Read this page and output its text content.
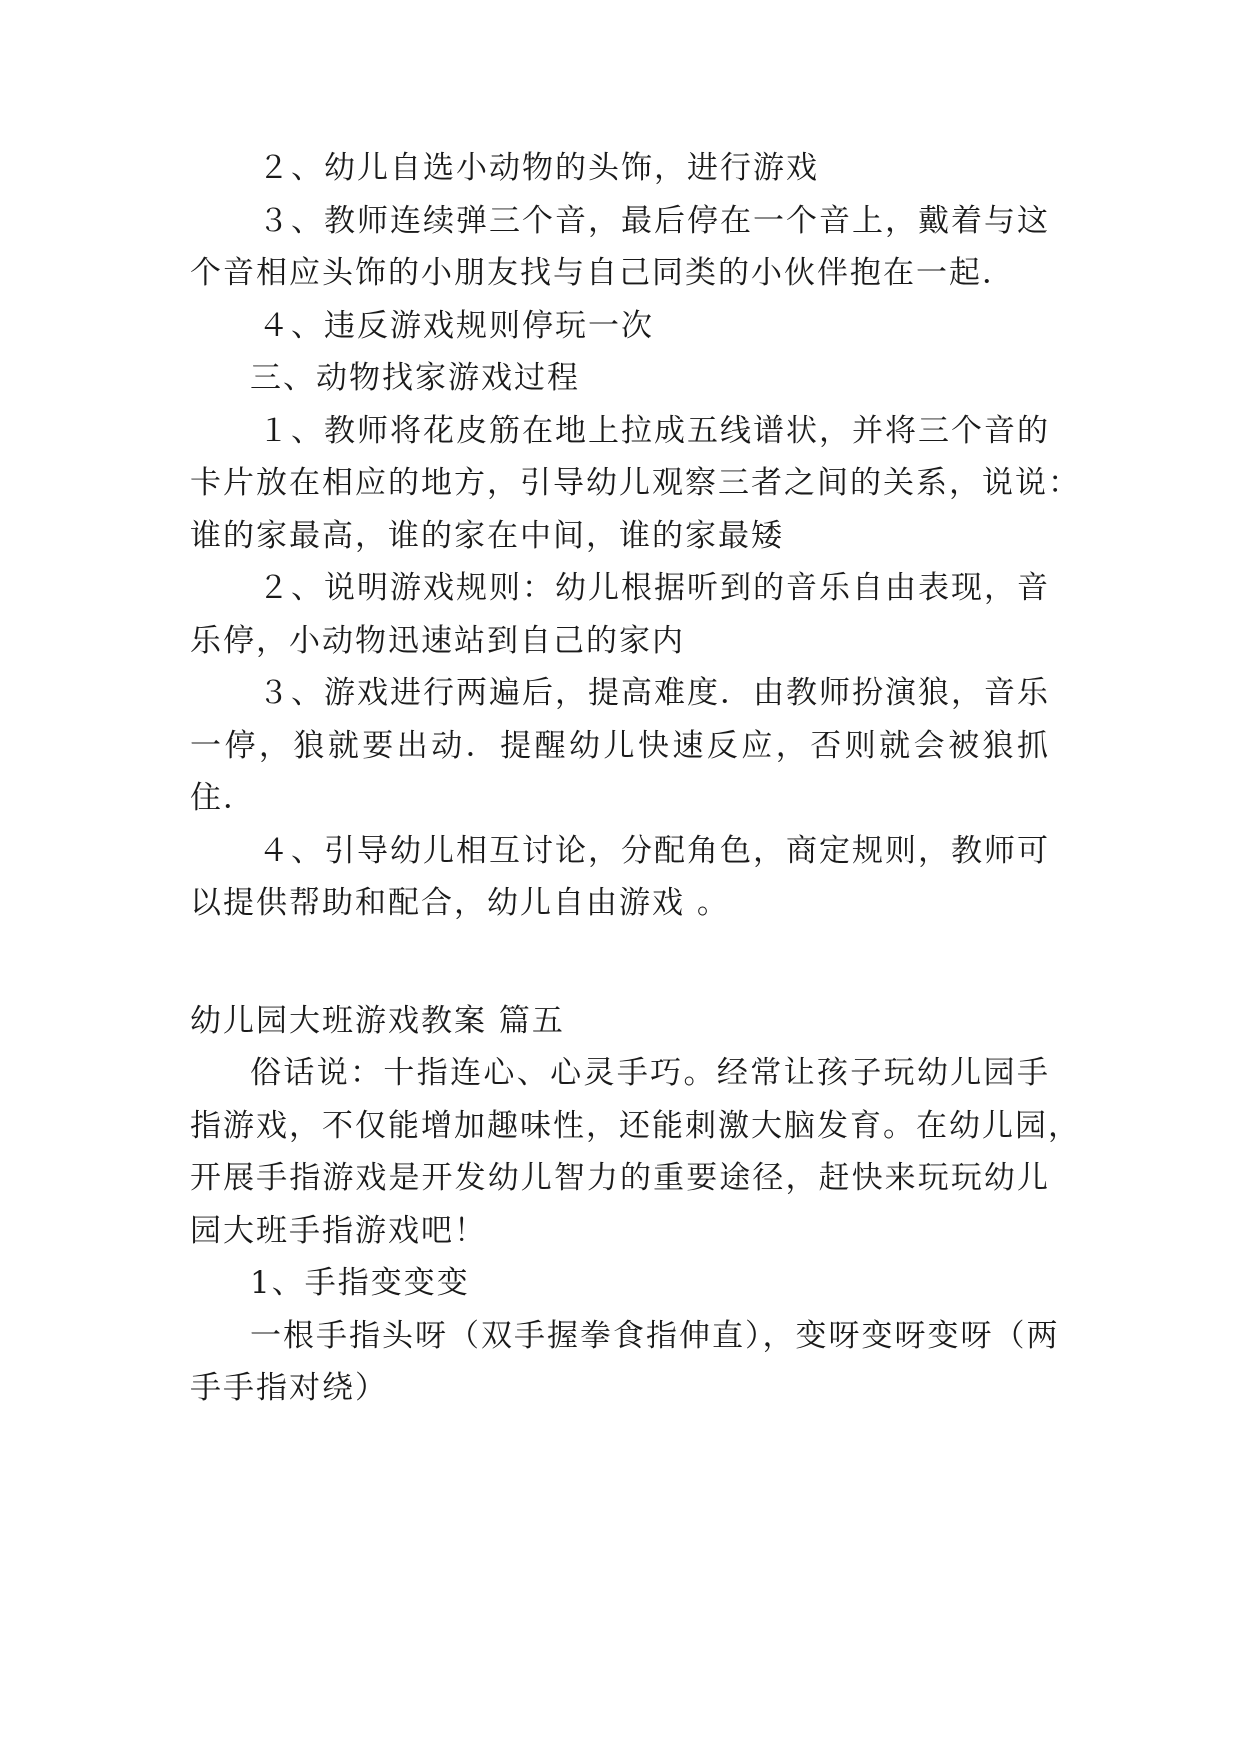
２、幼儿自选小动物的头饰，进行游戏
３、教师连续弹三个音，最后停在一个音上，戴着与这
个音相应头饰的小朋友找与自己同类的小伙伴抱在一起．
４、违反游戏规则停玩一次
三、动物找家游戏过程
１、教师将花皮筋在地上拉成五线谱状，并将三个音的
卡片放在相应的地方，引导幼儿观察三者之间的关系，说说：
谁的家最高，谁的家在中间，谁的家最矮
２、说明游戏规则：幼儿根据听到的音乐自由表现，音
乐停，小动物迅速站到自己的家内
３、游戏进行两遍后，提高难度．由教师扮演狼，音乐
一停，狼就要出动．提醒幼儿快速反应，否则就会被狼抓
住．
４、引导幼儿相互讨论，分配角色，商定规则，教师可
以提供帮助和配合，幼儿自由游戏 。
幼儿园大班游戏教案 篇五
俗话说：十指连心、心灵手巧。经常让孩子玩幼儿园手
指游戏，不仅能增加趣味性，还能刺激大脑发育。在幼儿园，
开展手指游戏是开发幼儿智力的重要途径，赶快来玩玩幼儿
园大班手指游戏吧！
1、手指变变变
一根手指头呀（双手握拳食指伸直），变呀变呀变呀（两
手手指对绕）
